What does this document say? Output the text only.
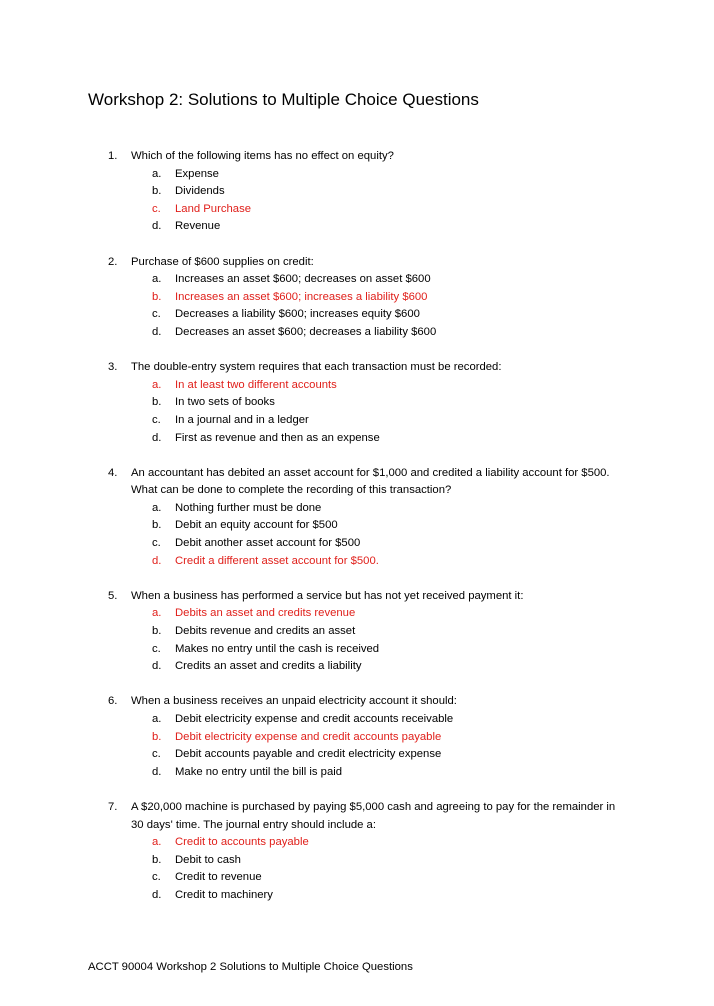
Workshop 2: Solutions to Multiple Choice Questions
1. Which of the following items has no effect on equity?

a. Expense

b. Dividends

c. Land Purchase

d. Revenue
2. Purchase of $600 supplies on credit:

a. Increases an asset $600; decreases on asset $600

b. Increases an asset $600; increases a liability $600

c. Decreases a liability $600; increases equity $600

d. Decreases an asset $600; decreases a liability $600
3. The double-entry system requires that each transaction must be recorded:

a. In at least two different accounts

b. In two sets of books

c. In a journal and in a ledger

d. First as revenue and then as an expense
4. An accountant has debited an asset account for $1,000 and credited a liability account for $500. What can be done to complete the recording of this transaction?

a. Nothing further must be done

b. Debit an equity account for $500

c. Debit another asset account for $500

d. Credit a different asset account for $500.
5. When a business has performed a service but has not yet received payment it:

a. Debits an asset and credits revenue

b. Debits revenue and credits an asset

c. Makes no entry until the cash is received

d. Credits an asset and credits a liability
6. When a business receives an unpaid electricity account it should:

a. Debit electricity expense and credit accounts receivable

b. Debit electricity expense and credit accounts payable

c. Debit accounts payable and credit electricity expense

d. Make no entry until the bill is paid
7. A $20,000 machine is purchased by paying $5,000 cash and agreeing to pay for the remainder in 30 days' time. The journal entry should include a:

a. Credit to accounts payable

b. Debit to cash

c. Credit to revenue

d. Credit to machinery
ACCT 90004 Workshop 2 Solutions to Multiple Choice Questions
